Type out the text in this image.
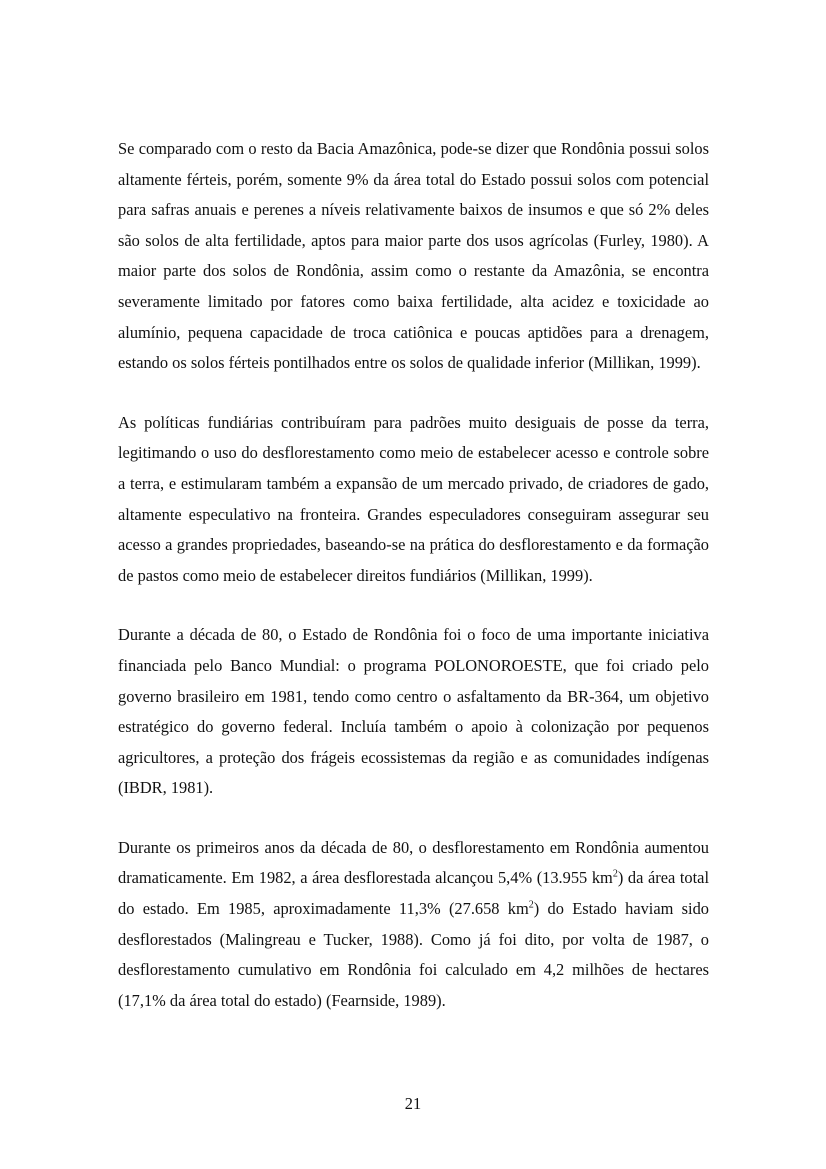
Se comparado com o resto da Bacia Amazônica, pode-se dizer que Rondônia possui solos altamente férteis, porém, somente 9% da área total do Estado possui solos com potencial para safras anuais e perenes a níveis relativamente baixos de insumos e que só 2% deles são solos de alta fertilidade, aptos para maior parte dos usos agrícolas (Furley, 1980). A maior parte dos solos de Rondônia, assim como o restante da Amazônia, se encontra severamente limitado por fatores como baixa fertilidade, alta acidez e toxicidade ao alumínio, pequena capacidade de troca catiônica e poucas aptidões para a drenagem, estando os solos férteis pontilhados entre os solos de qualidade inferior (Millikan, 1999).

As políticas fundiárias contribuíram para padrões muito desiguais de posse da terra, legitimando o uso do desflorestamento como meio de estabelecer acesso e controle sobre a terra, e estimularam também a expansão de um mercado privado, de criadores de gado, altamente especulativo na fronteira. Grandes especuladores conseguiram assegurar seu acesso a grandes propriedades, baseando-se na prática do desflorestamento e da formação de pastos como meio de estabelecer direitos fundiários (Millikan, 1999).

Durante a década de 80, o Estado de Rondônia foi o foco de uma importante iniciativa financiada pelo Banco Mundial: o programa POLONOROESTE, que foi criado pelo governo brasileiro em 1981, tendo como centro o asfaltamento da BR-364, um objetivo estratégico do governo federal. Incluía também o apoio à colonização por pequenos agricultores, a proteção dos frágeis ecossistemas da região e as comunidades indígenas (IBDR, 1981).

Durante os primeiros anos da década de 80, o desflorestamento em Rondônia aumentou dramaticamente. Em 1982, a área desflorestada alcançou 5,4% (13.955 $km^2$) da área total do estado. Em 1985, aproximadamente 11,3% (27.658 $km^2$) do Estado haviam sido desflorestados (Malingreau e Tucker, 1988). Como já foi dito, por volta de 1987, o desflorestamento cumulativo em Rondônia foi calculado em 4,2 milhões de hectares (17,1% da área total do estado) (Fearnside, 1989).

21
